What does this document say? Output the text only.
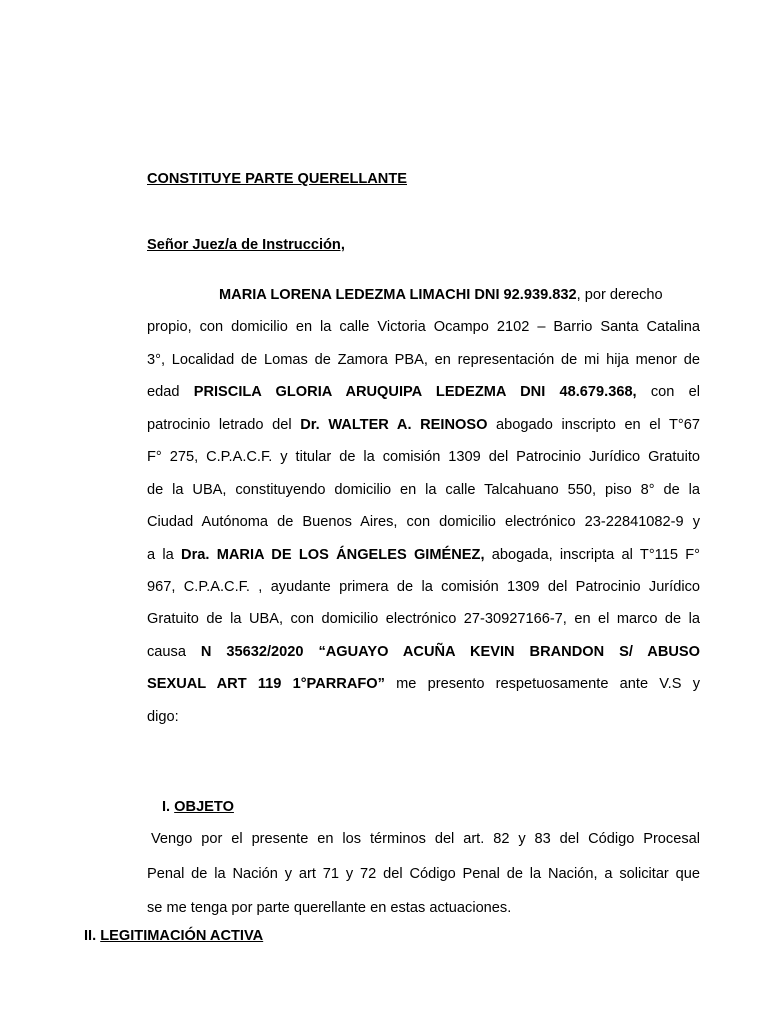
CONSTITUYE PARTE QUERELLANTE
Señor Juez/a de Instrucción,
MARIA LORENA LEDEZMA LIMACHI DNI 92.939.832, por derecho
propio, con domicilio en la calle Victoria Ocampo 2102 – Barrio Santa Catalina
3°, Localidad de Lomas de Zamora PBA, en representación de mi hija menor de
edad PRISCILA GLORIA ARUQUIPA LEDEZMA DNI 48.679.368, con el
patrocinio letrado del Dr. WALTER A. REINOSO abogado inscripto en el T°67
F° 275, C.P.A.C.F. y titular de la comisión 1309 del Patrocinio Jurídico Gratuito
de la UBA, constituyendo domicilio en la calle Talcahuano 550, piso 8° de la
Ciudad Autónoma de Buenos Aires, con domicilio electrónico 23-22841082-9 y
a la Dra. MARIA DE LOS ÁNGELES GIMÉNEZ, abogada, inscripta al T°115 F°
967, C.P.A.C.F. , ayudante primera de la comisión 1309 del Patrocinio Jurídico
Gratuito de la UBA, con domicilio electrónico 27-30927166-7, en el marco de la
causa N 35632/2020 “AGUAYO ACUÑA KEVIN BRANDON S/ ABUSO
SEXUAL ART 119 1°PARRAFO” me presento respetuosamente ante V.S y
digo:
I. OBJETO
Vengo por el presente en los términos del art. 82 y 83 del Código Procesal
Penal de la Nación y art 71 y 72 del Código Penal de la Nación, a solicitar que
se me tenga por parte querellante en estas actuaciones.
II. LEGITIMACIÓN ACTIVA
